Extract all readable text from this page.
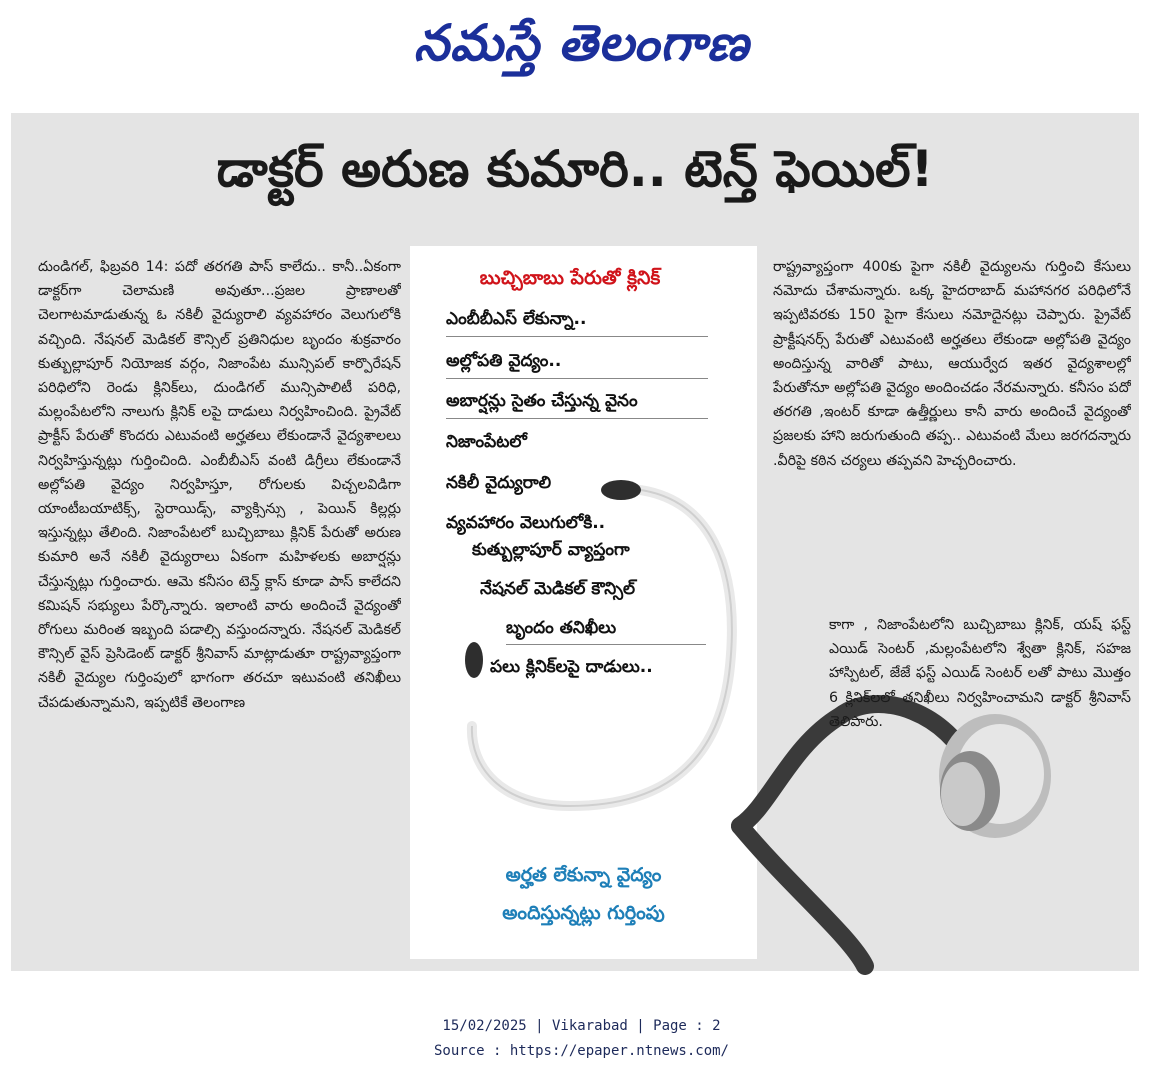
నమస్తే తెలంగాణ
డాక్టర్ అరుణ కుమారి.. టెన్త్ ఫెయిల్!

దుండిగల్, ఫిబ్రవరి 14: పదో తరగతి పాస్ కాలేదు.. కానీ..ఏకంగా డాక్టర్‌గా చెలామణి అవుతూ...ప్రజల ప్రాణాలతో చెలగాటమాడుతున్న ఓ నకిలీ వైద్యురాలి వ్యవహారం వెలుగులోకి వచ్చింది. నేషనల్ మెడికల్ కౌన్సిల్ ప్రతినిధుల బృందం శుక్రవారం కుత్బుల్లాపూర్ నియోజక వర్గం, నిజాంపేట మున్సిపల్ కార్పొరేషన్ పరిధిలోని రెండు క్లినిక్‌లు, దుండిగల్ మున్సిపాలిటీ పరిధి, మల్లంపేటలోని నాలుగు క్లినిక్ లపై దాడులు నిర్వహించింది. ప్రైవేట్ ప్రాక్టీస్ పేరుతో కొందరు ఎటువంటి అర్హతలు లేకుండానే వైద్యశాలలు నిర్వహిస్తున్నట్లు గుర్తించింది. ఎంబీబీఎస్ వంటి డిగ్రీలు లేకుండానే అల్లోపతి వైద్యం నిర్వహిస్తూ, రోగులకు విచ్చలవిడిగా యాంటీబయాటిక్స్, స్టెరాయిడ్స్, వ్యాక్సిన్సు , పెయిన్ కిల్లర్లు ఇస్తున్నట్లు తేలింది. నిజాంపేటలో బుచ్చిబాబు క్లినిక్ పేరుతో అరుణ కుమారి అనే నకిలీ వైద్యురాలు ఏకంగా మహిళలకు అబార్షన్లు చేస్తున్నట్లు గుర్తించారు. ఆమె కనీసం టెన్త్ క్లాస్ కూడా పాస్ కాలేదని కమిషన్ సభ్యులు పేర్కొన్నారు. ఇలాంటి వారు అందించే వైద్యంతో రోగులు మరింత ఇబ్బంది పడాల్సి వస్తుందన్నారు. నేషనల్ మెడికల్ కౌన్సిల్ వైస్ ప్రెసిడెంట్ డాక్టర్ శ్రీనివాస్ మాట్లాడుతూ రాష్ట్రవ్యాప్తంగా నకిలీ వైద్యుల గుర్తింపులో భాగంగా తరచూ ఇటువంటి తనిఖీలు చేపడుతున్నామని, ఇప్పటికే తెలంగాణ

బుచ్చిబాబు పేరుతో క్లినిక్
ఎంబీబీఎస్ లేకున్నా..
అల్లోపతి వైద్యం..
అబార్షన్లు సైతం చేస్తున్న వైనం
నిజాంపేటలో
నకిలీ వైద్యురాలి
వ్యవహారం వెలుగులోకి..
కుత్బుల్లాపూర్ వ్యాప్తంగా
నేషనల్ మెడికల్ కౌన్సిల్
బృందం తనిఖీలు
పలు క్లినిక్‌లపై దాడులు..
అర్హత లేకున్నా వైద్యం
అందిస్తున్నట్లు గుర్తింపు

రాష్ట్రవ్యాప్తంగా 400కు పైగా నకిలీ వైద్యులను గుర్తించి కేసులు నమోదు చేశామన్నారు. ఒక్క హైదరాబాద్ మహానగర పరిధిలోనే ఇప్పటివరకు 150 పైగా కేసులు నమోదైనట్లు చెప్పారు. ప్రైవేట్ ప్రాక్టీషనర్స్ పేరుతో ఎటువంటి అర్హతలు లేకుండా అల్లోపతి వైద్యం అందిస్తున్న వారితో పాటు, ఆయుర్వేద ఇతర వైద్యశాలల్లో పేరుతోనూ అల్లోపతి వైద్యం అందించడం నేరమన్నారు. కనీసం పదో తరగతి ,ఇంటర్ కూడా ఉత్తీర్ణులు కానీ వారు అందించే వైద్యంతో ప్రజలకు హాని జరుగుతుంది తప్ప.. ఎటువంటి మేలు జరగదన్నారు .వీరిపై కఠిన చర్యలు తప్పవని హెచ్చరించారు.

కాగా , నిజాంపేటలోని బుచ్చిబాబు క్లినిక్, యష్ ఫస్ట్ ఎయిడ్ సెంటర్ ,మల్లంపేటలోని శ్వేతా క్లినిక్, సహజ హాస్పిటల్, జేజే ఫస్ట్ ఎయిడ్ సెంటర్ లతో పాటు మొత్తం 6 క్లినిక్‌లలో తనిఖీలు నిర్వహించామని డాక్టర్ శ్రీనివాస్ తెలిపారు.

15/02/2025 | Vikarabad | Page : 2
Source : https://epaper.ntnews.com/
